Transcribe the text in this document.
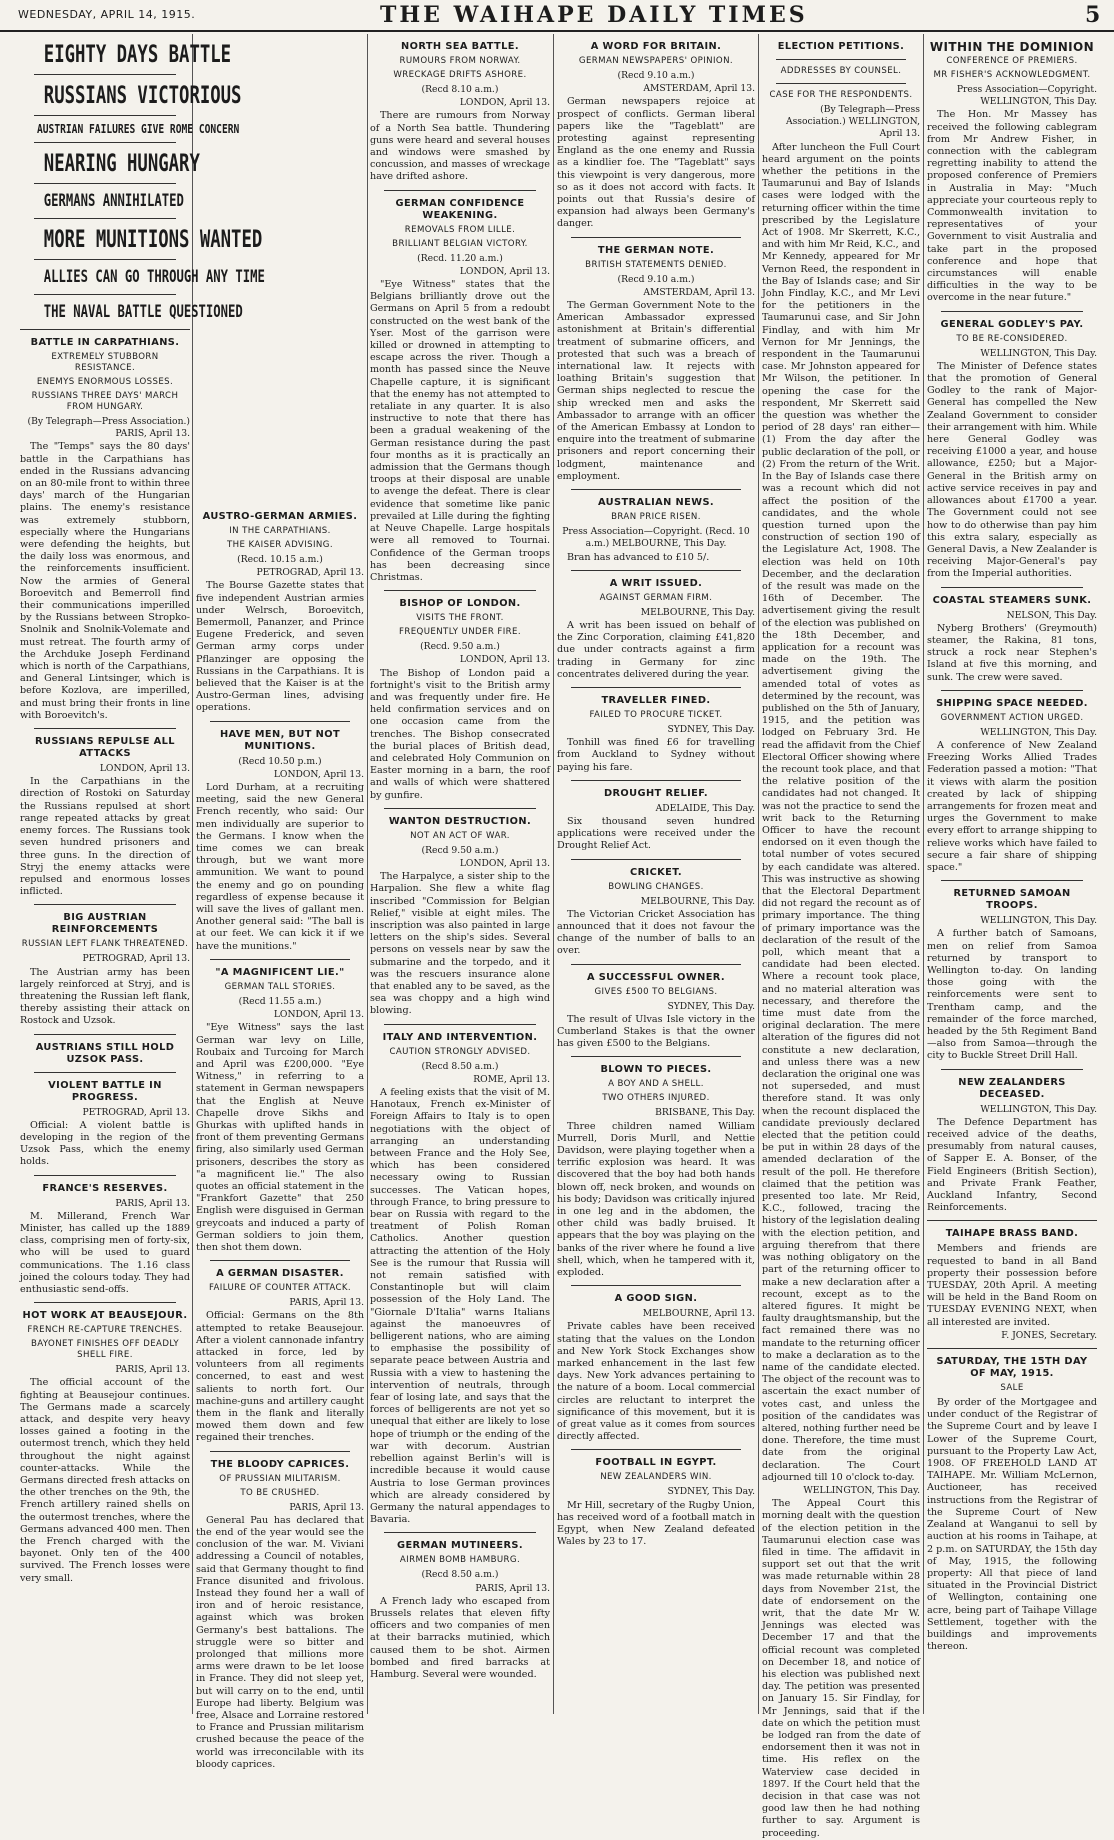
WEDNESDAY, APRIL 14, 1915.	THE WAIHAPE DAILY TIMES	5
EIGHTY DAYS BATTLE
RUSSIANS VICTORIOUS
AUSTRIAN FAILURES GIVE ROME CONCERN
NEARING HUNGARY
GERMANS ANNIHILATED
MORE MUNITIONS WANTED
ALLIES CAN GO THROUGH ANY TIME
THE NAVAL BATTLE QUESTIONED
BATTLE IN CARPATHIANS.
EXTREMELY STUBBORN RESISTANCE.
ENEMYS ENORMOUS LOSSES.
RUSSIANS THREE DAYS' MARCH FROM HUNGARY.
(By Telegraph—Press Association.) PARIS, April 13.

The "Temps" says the 80 days' battle in the Carpathians has ended in the Russians advancing on an 80-mile front to within three days' march of the Hungarian plains. The enemy's resistance was extremely stubborn, especially where the Hungarians were defending the heights, but the daily loss was enormous, and the reinforcements insufficient. Now the armies of General Boroevitch and Bemerroll find their communications imperilled by the Russians between Stropko-Snolnik and Snolnik-Volemate and must retreat. The fourth army of the Archduke Joseph Ferdinand which is north of the Carpathians, and General Lintsinger, which is before Kozlova, are imperilled, and must bring their fronts in line with Boroevitch's.

RUSSIANS REPULSE ALL ATTACKS
LONDON, April 13.

In the Carpathians in the direction of Rostoki on Saturday the Russians repulsed at short range repeated attacks by great enemy forces. The Russians took seven hundred prisoners and three guns. In the direction of Stryj the enemy attacks were repulsed and enormous losses inflicted.

BIG AUSTRIAN REINFORCEMENTS
RUSSIAN LEFT FLANK THREATENED.
PETROGRAD, April 13.

The Austrian army has been largely reinforced at Stryj, and is threatening the Russian left flank, thereby assisting their attack on Rostock and Uzsok.

AUSTRIANS STILL HOLD UZSOK PASS.
VIOLENT BATTLE IN PROGRESS.
PETROGRAD, April 13.

Official: A violent battle is developing in the region of the Uzsok Pass, which the enemy holds.

FRANCE'S RESERVES.
PARIS, April 13.

M. Millerand, French War Minister, has called up the 1889 class, comprising men of forty-six, who will be used to guard communications. The 1.16 class joined the colours today. They had enthusiastic send-offs.

HOT WORK AT BEAUSEJOUR.
FRENCH RE-CAPTURE TRENCHES.
BAYONET FINISHES OFF DEADLY SHELL FIRE.
PARIS, April 13.

The official account of the fighting at Beausejour continues. The Germans made a scarcely attack, and despite very heavy losses gained a footing in the outermost trench, which they held throughout the night against counter-attacks. While the Germans directed fresh attacks on the other trenches on the 9th, the French artillery rained shells on the outermost trenches, where the Germans advanced 400 men. Then the French charged with the bayonet. Only ten of the 400 survived. The French losses were very small.

AUSTRO-GERMAN ARMIES.
IN THE CARPATHIANS.
THE KAISER ADVISING.
(Recd. 10.15 a.m.)
PETROGRAD, April 13.

The Bourse Gazette states that five independent Austrian armies under Welrsch, Boroevitch, Bemermoll, Pananzer, and Prince Eugene Frederick, and seven German army corps under Pflanzinger are opposing the Russians in the Carpathians. It is believed that the Kaiser is at the Austro-German lines, advising operations.

HAVE MEN, BUT NOT MUNITIONS.
(Recd 10.50 p.m.)
LONDON, April 13.

Lord Durham, at a recruiting meeting, said the new General French recently, who said: Our men individually are superior to the Germans. I know when the time comes we can break through, but we want more ammunition. We want to pound the enemy and go on pounding regardless of expense because it will save the lives of gallant men. Another general said: "The ball is at our feet. We can kick it if we have the munitions."

"A MAGNIFICENT LIE."
GERMAN TALL STORIES.
(Recd 11.55 a.m.)
LONDON, April 13.

"Eye Witness" says the last German war levy on Lille, Roubaix and Turcoing for March and April was £200,000. "Eye Witness," in referring to a statement in German newspapers that the English at Neuve Chapelle drove Sikhs and Ghurkas with uplifted hands in front of them preventing Germans firing, also similarly used German prisoners, describes the story as "a magnificent lie." The also quotes an official statement in the "Frankfort Gazette" that 250 English were disguised in German greycoats and induced a party of German soldiers to join them, then shot them down.

A GERMAN DISASTER.
FAILURE OF COUNTER ATTACK.
PARIS, April 13.

Official: Germans on the 8th attempted to retake Beausejour. After a violent cannonade infantry attacked in force, led by volunteers from all regiments concerned, to east and west salients to north fort. Our machine-guns and artillery caught them in the flank and literally mowed them down and few regained their trenches.

THE BLOODY CAPRICES.
OF PRUSSIAN MILITARISM.
TO BE CRUSHED.
PARIS, April 13.

General Pau has declared that the end of the year would see the conclusion of the war. M. Viviani addressing a Council of notables, said that Germany thought to find France disunited and frivolous. Instead they found her a wall of iron and of heroic resistance, against which was broken Germany's best battalions. The struggle were so bitter and prolonged that millions more arms were drawn to be let loose in France. They did not sleep yet, but will carry on to the end, until Europe had liberty. Belgium was free, Alsace and Lorraine restored to France and Prussian militarism crushed because the peace of the world was irreconcilable with its bloody caprices.

NORTH SEA BATTLE.
RUMOURS FROM NORWAY.
WRECKAGE DRIFTS ASHORE.
(Recd 8.10 a.m.)
LONDON, April 13.

There are rumours from Norway of a North Sea battle. Thundering guns were heard and several houses and windows were smashed by concussion, and masses of wreckage have drifted ashore.

GERMAN CONFIDENCE WEAKENING.
REMOVALS FROM LILLE.
BRILLIANT BELGIAN VICTORY.
(Recd. 11.20 a.m.)
LONDON, April 13.

"Eye Witness" states that the Belgians brilliantly drove out the Germans on April 5 from a redoubt constructed on the west bank of the Yser. Most of the garrison were killed or drowned in attempting to escape across the river. Though a month has passed since the Neuve Chapelle capture, it is significant that the enemy has not attempted to retaliate in any quarter. It is also instructive to note that there has been a gradual weakening of the German resistance during the past four months as it is practically an admission that the Germans though troops at their disposal are unable to avenge the defeat. There is clear evidence that sometime like panic prevailed at Lille during the fighting at Neuve Chapelle. Large hospitals were all removed to Tournai. Confidence of the German troops has been decreasing since Christmas.

BISHOP OF LONDON.
VISITS THE FRONT.
FREQUENTLY UNDER FIRE.
(Recd. 9.50 a.m.)
LONDON, April 13.

The Bishop of London paid a fortnight's visit to the British army and was frequently under fire. He held confirmation services and on one occasion came from the trenches. The Bishop consecrated the burial places of British dead, and celebrated Holy Communion on Easter morning in a barn, the roof and walls of which were shattered by gunfire.

WANTON DESTRUCTION.
NOT AN ACT OF WAR.
(Recd 9.50 a.m.)
LONDON, April 13.

The Harpalyce, a sister ship to the Harpalion. She flew a white flag inscribed "Commission for Belgian Relief," visible at eight miles. The inscription was also painted in large letters on the ship's sides. Several persons on vessels near by saw the submarine and the torpedo, and it was the rescuers insurance alone that enabled any to be saved, as the sea was choppy and a high wind blowing.

ITALY AND INTERVENTION.
CAUTION STRONGLY ADVISED.
(Recd 8.50 a.m.)
ROME, April 13.

A feeling exists that the visit of M. Hanotaux, French ex-Minister of Foreign Affairs to Italy is to open negotiations with the object of arranging an understanding between France and the Holy See, which has been considered necessary owing to Russian successes. The Vatican hopes, through France, to bring pressure to bear on Russia with regard to the treatment of Polish Roman Catholics. Another question attracting the attention of the Holy See is the rumour that Russia will not remain satisfied with Constantinople but will claim possession of the Holy Land. The "Giornale D'Italia" warns Italians against the manoeuvres of belligerent nations, who are aiming to emphasise the possibility of separate peace between Austria and Russia with a view to hastening the intervention of neutrals, through fear of losing late, and says that the forces of belligerents are not yet so unequal that either are likely to lose hope of triumph or the ending of the war with decorum. Austrian rebellion against Berlin's will is incredible because it would cause Austria to lose German provinces which are already considered by Germany the natural appendages to Bavaria.

GERMAN MUTINEERS.
AIRMEN BOMB HAMBURG.
(Recd 8.50 a.m.)
PARIS, April 13.

A French lady who escaped from Brussels relates that eleven fifty officers and two companies of men at their barracks mutinied, which caused them to be shot. Airmen bombed and fired barracks at Hamburg. Several were wounded.

A WORD FOR BRITAIN.
GERMAN NEWSPAPERS' OPINION.
(Recd 9.10 a.m.)
AMSTERDAM, April 13.

German newspapers rejoice at prospect of conflicts. German liberal papers like the "Tageblatt" are protesting against representing England as the one enemy and Russia as a kindlier foe. The "Tageblatt" says this viewpoint is very dangerous, more so as it does not accord with facts. It points out that Russia's desire of expansion had always been Germany's danger.

THE GERMAN NOTE.
BRITISH STATEMENTS DENIED.
(Recd 9.10 a.m.)
AMSTERDAM, April 13.

The German Government Note to the American Ambassador expressed astonishment at Britain's differential treatment of submarine officers, and protested that such was a breach of international law. It rejects with loathing Britain's suggestion that German ships neglected to rescue the ship wrecked men and asks the Ambassador to arrange with an officer of the American Embassy at London to enquire into the treatment of submarine prisoners and report concerning their lodgment, maintenance and employment.

AUSTRALIAN NEWS.
BRAN PRICE RISEN.
Press Association—Copyright. (Recd. 10 a.m.) MELBOURNE, This Day.

Bran has advanced to £10 5/.

A WRIT ISSUED.
AGAINST GERMAN FIRM.
MELBOURNE, This Day.

A writ has been issued on behalf of the Zinc Corporation, claiming £41,820 due under contracts against a firm trading in Germany for zinc concentrates delivered during the year.

TRAVELLER FINED.
FAILED TO PROCURE TICKET.
SYDNEY, This Day.

Tonhill was fined £6 for travelling from Auckland to Sydney without paying his fare.

DROUGHT RELIEF.
ADELAIDE, This Day.

Six thousand seven hundred applications were received under the Drought Relief Act.

CRICKET.
BOWLING CHANGES.
MELBOURNE, This Day.

The Victorian Cricket Association has announced that it does not favour the change of the number of balls to an over.

A SUCCESSFUL OWNER.
GIVES £500 TO BELGIANS.
SYDNEY, This Day.

The result of Ulvas Isle victory in the Cumberland Stakes is that the owner has given £500 to the Belgians.

BLOWN TO PIECES.
A BOY AND A SHELL.
TWO OTHERS INJURED.
BRISBANE, This Day.

Three children named William Murrell, Doris Murll, and Nettie Davidson, were playing together when a terrific explosion was heard. It was discovered that the boy had both hands blown off, neck broken, and wounds on his body; Davidson was critically injured in one leg and in the abdomen, the other child was badly bruised. It appears that the boy was playing on the banks of the river where he found a live shell, which, when he tampered with it, exploded.

A GOOD SIGN.
MELBOURNE, April 13.

Private cables have been received stating that the values on the London and New York Stock Exchanges show marked enhancement in the last few days. New York advances pertaining to the nature of a boom. Local commercial circles are reluctant to interpret the significance of this movement, but it is of great value as it comes from sources directly affected.

FOOTBALL IN EGYPT.
NEW ZEALANDERS WIN.
SYDNEY, This Day.

Mr Hill, secretary of the Rugby Union, has received word of a football match in Egypt, when New Zealand defeated Wales by 23 to 17.

ELECTION PETITIONS.
ADDRESSES BY COUNSEL.
CASE FOR THE RESPONDENTS.
(By Telegraph—Press Association.) WELLINGTON, April 13.

After luncheon the Full Court heard argument on the points whether the petitions in the Taumarunui and Bay of Islands cases were lodged with the returning officer within the time prescribed by the Legislature Act of 1908. Mr Skerrett, K.C., and with him Mr Reid, K.C., and Mr Kennedy, appeared for Mr Vernon Reed, the respondent in the Bay of Islands case; and Sir John Findlay, K.C., and Mr Levi for the petitioners in the Taumarunui case, and Sir John Findlay, and with him Mr Vernon for Mr Jennings, the respondent in the Taumarunui case. Mr Johnston appeared for Mr Wilson, the petitioner. In opening the case for the respondent, Mr Skerrett said the question was whether the period of 28 days' ran either—(1) From the day after the public declaration of the poll, or (2) From the return of the Writ. In the Bay of Islands case there was a recount which did not affect the position of the candidates, and the whole question turned upon the construction of section 190 of the Legislature Act, 1908. The election was held on 10th December, and the declaration of the result was made on the 16th of December. The advertisement giving the result of the election was published on the 18th December, and application for a recount was made on the 19th. The advertisement giving the amended total of votes as determined by the recount, was published on the 5th of January, 1915, and the petition was lodged on February 3rd. He read the affidavit from the Chief Electoral Officer showing where the recount took place, and that the relative position of the candidates had not changed. It was not the practice to send the writ back to the Returning Officer to have the recount endorsed on it even though the total number of votes secured by each candidate was altered. This was instructive as showing that the Electoral Department did not regard the recount as of primary importance. The thing of primary importance was the declaration of the result of the poll, which meant that a candidate had been elected. Where a recount took place, and no material alteration was necessary, and therefore the time must date from the original declaration. The mere alteration of the figures did not constitute a new declaration, and unless there was a new declaration the original one was not superseded, and must therefore stand. It was only when the recount displaced the candidate previously declared elected that the petition could be put in within 28 days of the amended declaration of the result of the poll. He therefore claimed that the petition was presented too late. Mr Reid, K.C., followed, tracing the history of the legislation dealing with the election petition, and arguing therefrom that there was nothing obligatory on the part of the returning officer to make a new declaration after a recount, except as to the altered figures. It might be faulty draughtsmanship, but the fact remained there was no mandate to the returning officer to make a declaration as to the name of the candidate elected. The object of the recount was to ascertain the exact number of votes cast, and unless the position of the candidates was altered, nothing further need be done. Therefore, the time must date from the original declaration. The Court adjourned till 10 o'clock to-day.

WELLINGTON, This Day.

The Appeal Court this morning dealt with the question of the election petition in the Taumarunui election case was filed in time. The affidavit in support set out that the writ was made returnable within 28 days from November 21st, the date of endorsement on the writ, that the date Mr W. Jennings was elected was December 17 and that the official recount was completed on December 18, and notice of his election was published next day. The petition was presented on January 15. Sir Findlay, for Mr Jennings, said that if the date on which the petition must be lodged ran from the date of endorsement then it was not in time. His reflex on the Waterview case decided in 1897. If the Court held that the decision in that case was not good law then he had nothing further to say. Argument is proceeding.

WITHIN THE DOMINION
CONFERENCE OF PREMIERS.
MR FISHER'S ACKNOWLEDGMENT.
Press Association—Copyright. WELLINGTON, This Day.

The Hon. Mr Massey has received the following cablegram from Mr Andrew Fisher, in connection with the cablegram regretting inability to attend the proposed conference of Premiers in Australia in May: "Much appreciate your courteous reply to Commonwealth invitation to representatives of your Government to visit Australia and take part in the proposed conference and hope that circumstances will enable difficulties in the way to be overcome in the near future."

GENERAL GODLEY'S PAY.
TO BE RE-CONSIDERED.
WELLINGTON, This Day.

The Minister of Defence states that the promotion of General Godley to the rank of Major-General has compelled the New Zealand Government to consider their arrangement with him. While here General Godley was receiving £1000 a year, and house allowance, £250; but a Major-General in the British army on active service receives in pay and allowances about £1700 a year. The Government could not see how to do otherwise than pay him this extra salary, especially as General Davis, a New Zealander is receiving Major-General's pay from the Imperial authorities.

COASTAL STEAMERS SUNK.
NELSON, This Day.

Nyberg Brothers' (Greymouth) steamer, the Rakina, 81 tons, struck a rock near Stephen's Island at five this morning, and sunk. The crew were saved.

SHIPPING SPACE NEEDED.
GOVERNMENT ACTION URGED.
WELLINGTON, This Day.

A conference of New Zealand Freezing Works Allied Trades Federation passed a motion: "That it views with alarm the position created by lack of shipping arrangements for frozen meat and urges the Government to make every effort to arrange shipping to relieve works which have failed to secure a fair share of shipping space."

RETURNED SAMOAN TROOPS.
WELLINGTON, This Day.

A further batch of Samoans, men on relief from Samoa returned by transport to Wellington to-day. On landing those going with the reinforcements were sent to Trentham camp, and the remainder of the force marched, headed by the 5th Regiment Band—also from Samoa—through the city to Buckle Street Drill Hall.

NEW ZEALANDERS DECEASED.
WELLINGTON, This Day.

The Defence Department has received advice of the deaths, presumably from natural causes, of Sapper E. A. Bonser, of the Field Engineers (British Section), and Private Frank Feather, Auckland Infantry, Second Reinforcements.

TAIHAPE BRASS BAND.

Members and friends are requested to band in all Band property their possession before TUESDAY, 20th April. A meeting will be held in the Band Room on TUESDAY EVENING NEXT, when all interested are invited.

F. JONES, Secretary.
SATURDAY, THE 15TH DAY OF MAY, 1915.
SALE

By order of the Mortgagee and under conduct of the Registrar of the Supreme Court and by leave I Lower of the Supreme Court, pursuant to the Property Law Act, 1908. OF FREEHOLD LAND AT TAIHAPE. Mr. William McLernon, Auctioneer, has received instructions from the Registrar of the Supreme Court of New Zealand at Wanganui to sell by auction at his rooms in Taihape, at 2 p.m. on SATURDAY, the 15th day of May, 1915, the following property: All that piece of land situated in the Provincial District of Wellington, containing one acre, being part of Taihape Village Settlement, together with the buildings and improvements thereon.
